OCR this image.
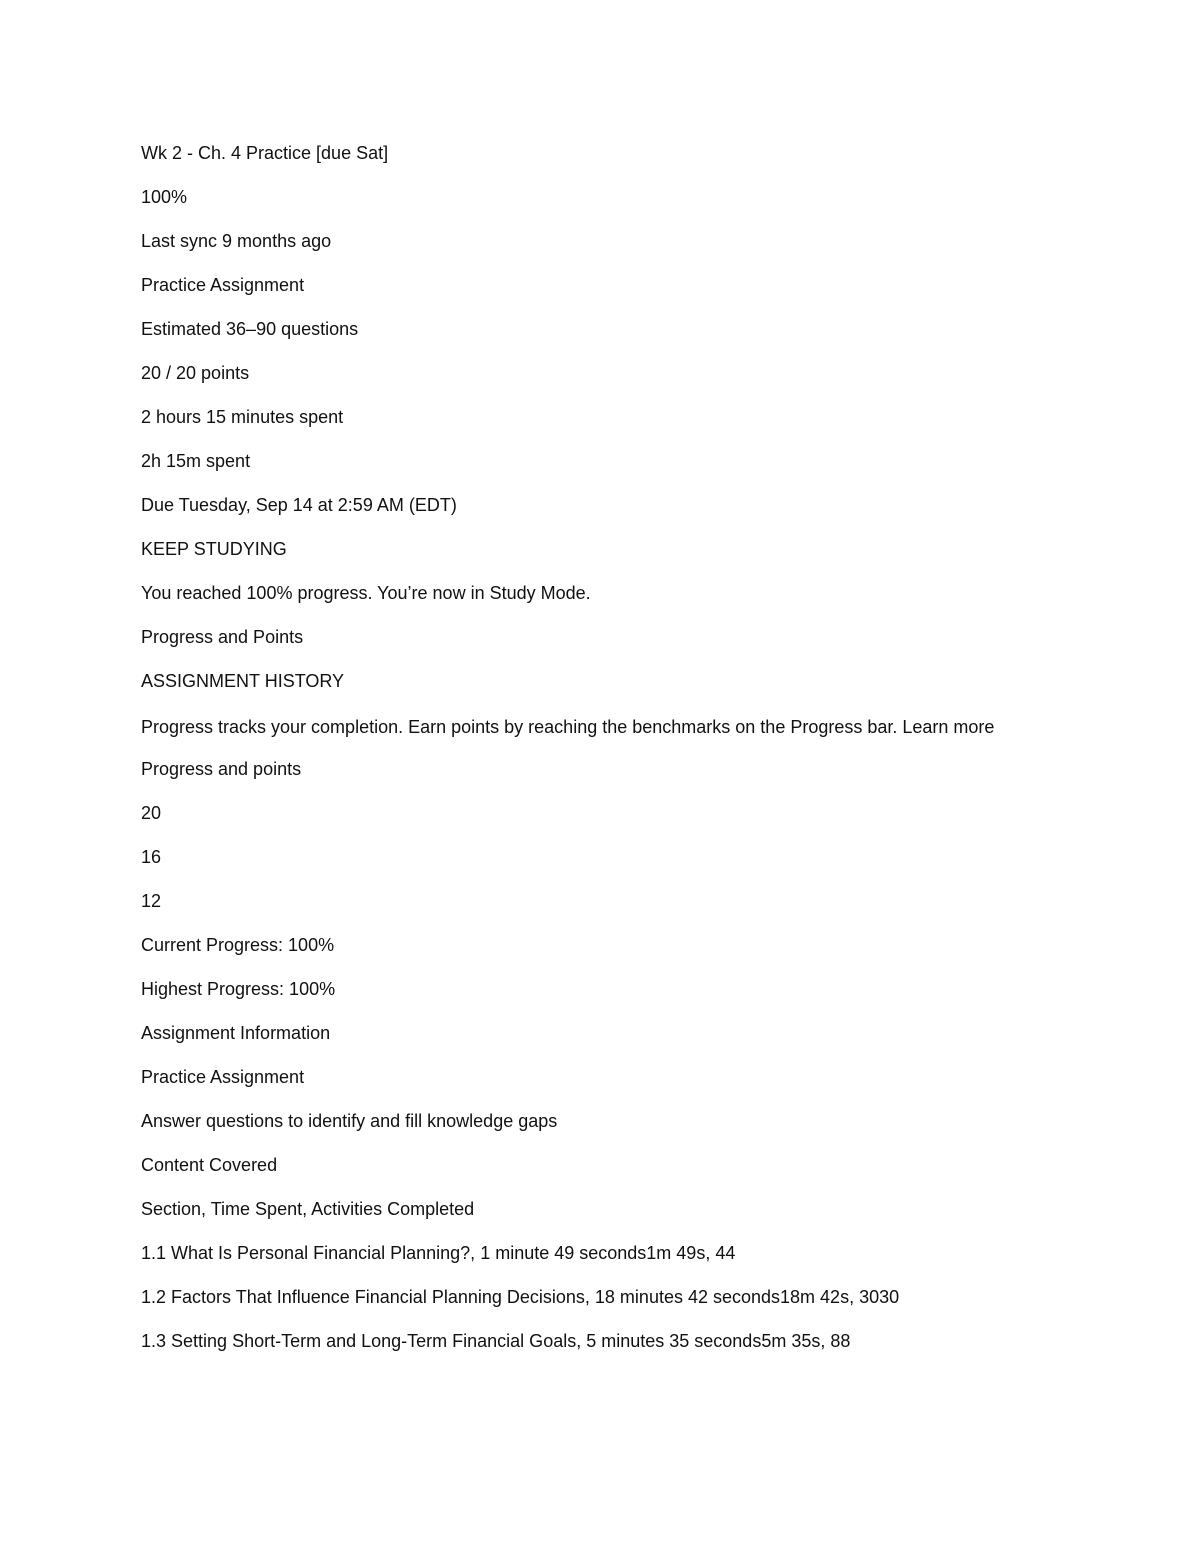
Wk 2 - Ch. 4 Practice [due Sat]

100%

Last sync 9 months ago

Practice Assignment

Estimated 36–90 questions

20 / 20 points

2 hours 15 minutes spent

2h 15m spent

Due Tuesday, Sep 14 at 2:59 AM (EDT)

KEEP STUDYING

You reached 100% progress. You’re now in Study Mode.

Progress and Points

ASSIGNMENT HISTORY

Progress tracks your completion. Earn points by reaching the benchmarks on the Progress bar. Learn more

Progress and points

20

16

12

Current Progress: 100%

Highest Progress: 100%

Assignment Information

Practice Assignment

Answer questions to identify and fill knowledge gaps

Content Covered

Section, Time Spent, Activities Completed

1.1 What Is Personal Financial Planning?, 1 minute 49 seconds1m 49s, 44

1.2 Factors That Influence Financial Planning Decisions, 18 minutes 42 seconds18m 42s, 3030

1.3 Setting Short-Term and Long-Term Financial Goals, 5 minutes 35 seconds5m 35s, 88
